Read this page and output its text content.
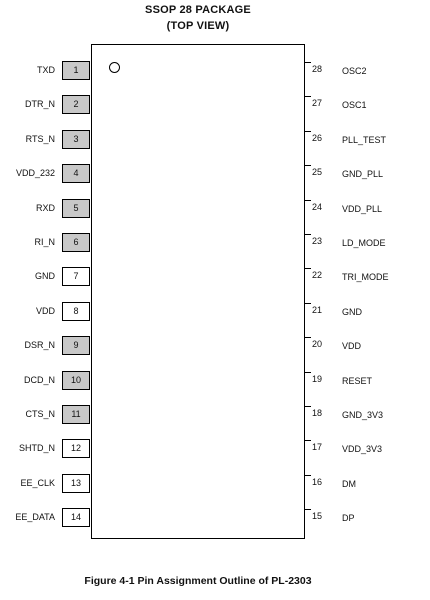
SSOP 28 PACKAGE
(TOP VIEW)
TXD	1
DTR_N	2
RTS_N	3
VDD_232	4
RXD	5
RI_N	6
GND	7
VDD	8
DSR_N	9
DCD_N	10
CTS_N	11
SHTD_N	12
EE_CLK	13
EE_DATA	14
28	OSC2
27	OSC1
26	PLL_TEST
25	GND_PLL
24	VDD_PLL
23	LD_MODE
22	TRI_MODE
21	GND
20	VDD
19	RESET
18	GND_3V3
17	VDD_3V3
16	DM
15	DP
Figure 4-1 Pin Assignment Outline of PL-2303
